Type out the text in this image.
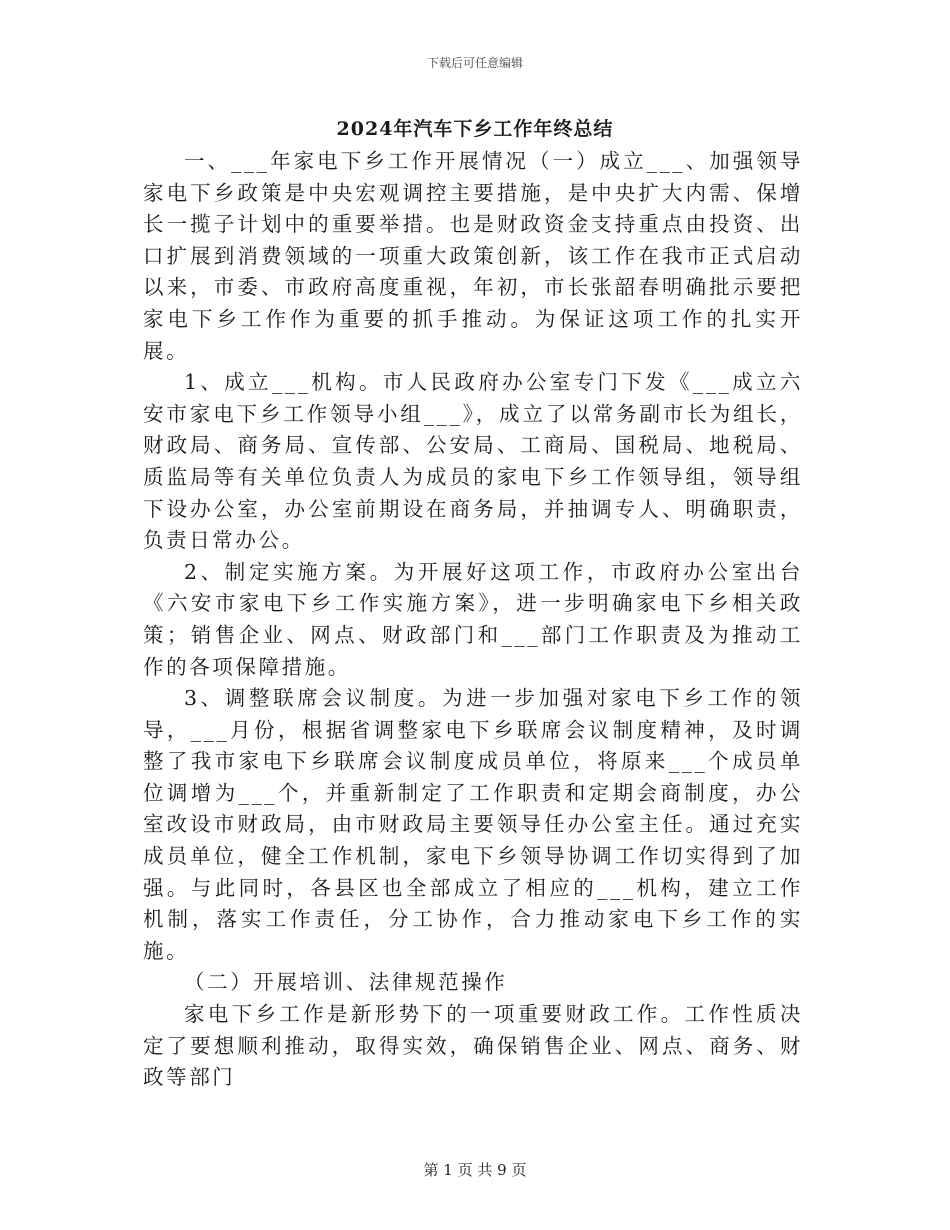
下载后可任意编辑
2024年汽车下乡工作年终总结

一、___年家电下乡工作开展情况（一）成立___、加强领导家电下乡政策是中央宏观调控主要措施，是中央扩大内需、保增长一揽子计划中的重要举措。也是财政资金支持重点由投资、出口扩展到消费领域的一项重大政策创新，该工作在我市正式启动以来，市委、市政府高度重视，年初，市长张韶春明确批示要把家电下乡工作作为重要的抓手推动。为保证这项工作的扎实开展。

1、成立___机构。市人民政府办公室专门下发《___成立六安市家电下乡工作领导小组___》，成立了以常务副市长为组长，财政局、商务局、宣传部、公安局、工商局、国税局、地税局、质监局等有关单位负责人为成员的家电下乡工作领导组，领导组下设办公室，办公室前期设在商务局，并抽调专人、明确职责，负责日常办公。

2、制定实施方案。为开展好这项工作，市政府办公室出台《六安市家电下乡工作实施方案》，进一步明确家电下乡相关政策；销售企业、网点、财政部门和___部门工作职责及为推动工作的各项保障措施。

3、调整联席会议制度。为进一步加强对家电下乡工作的领导，___月份，根据省调整家电下乡联席会议制度精神，及时调整了我市家电下乡联席会议制度成员单位，将原来___个成员单位调增为___个，并重新制定了工作职责和定期会商制度，办公室改设市财政局，由市财政局主要领导任办公室主任。通过充实成员单位，健全工作机制，家电下乡领导协调工作切实得到了加强。与此同时，各县区也全部成立了相应的___机构，建立工作机制，落实工作责任，分工协作，合力推动家电下乡工作的实施。

（二）开展培训、法律规范操作

家电下乡工作是新形势下的一项重要财政工作。工作性质决定了要想顺利推动，取得实效，确保销售企业、网点、商务、财政等部门

第 1 页 共 9 页
